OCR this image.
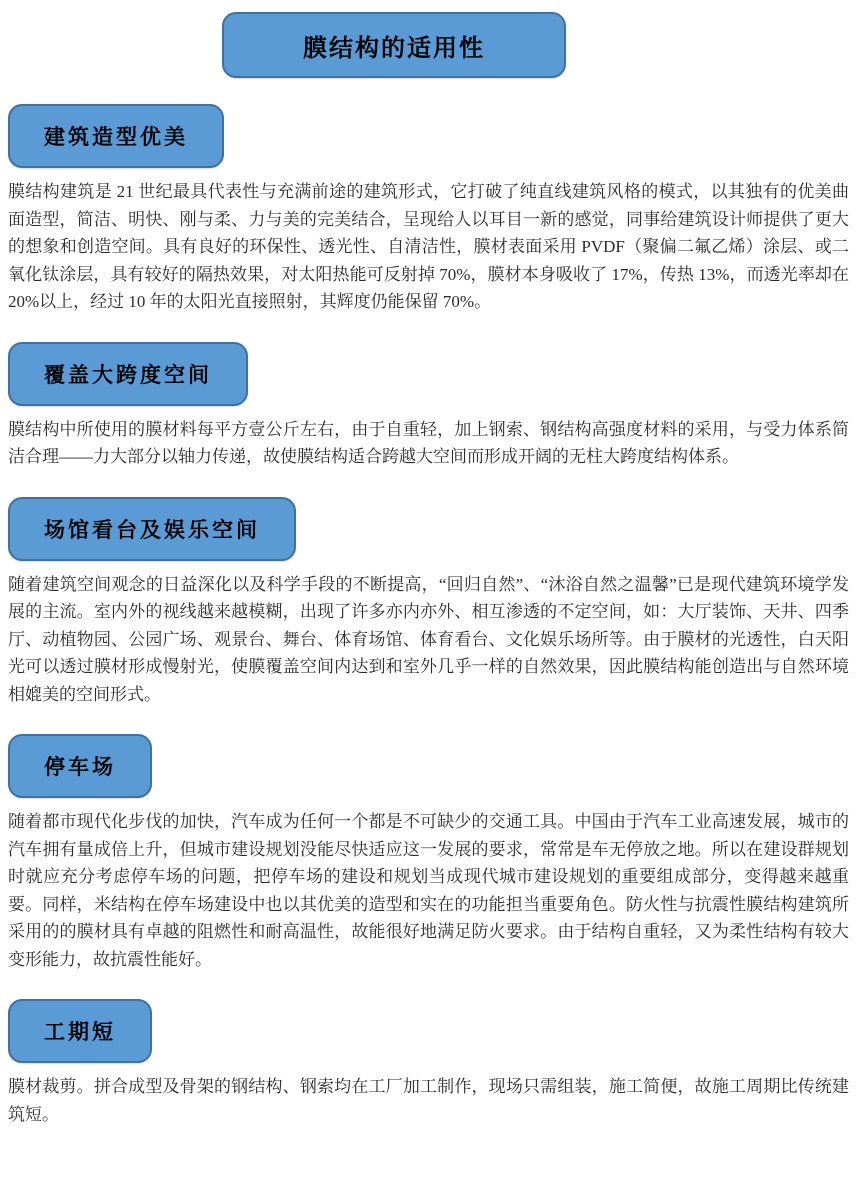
膜结构的适用性
建筑造型优美

膜结构建筑是 21 世纪最具代表性与充满前途的建筑形式，它打破了纯直线建筑风格的模式，以其独有的优美曲面造型，简洁、明快、刚与柔、力与美的完美结合，呈现给人以耳目一新的感觉，同事给建筑设计师提供了更大的想象和创造空间。具有良好的环保性、透光性、自清洁性，膜材表面采用 PVDF（聚偏二氟乙烯）涂层、或二氧化钛涂层，具有较好的隔热效果，对太阳热能可反射掉 70%，膜材本身吸收了 17%，传热 13%，而透光率却在 20%以上，经过 10 年的太阳光直接照射，其辉度仍能保留 70%。

覆盖大跨度空间

膜结构中所使用的膜材料每平方壹公斤左右，由于自重轻，加上钢索、钢结构高强度材料的采用，与受力体系简洁合理——力大部分以轴力传递，故使膜结构适合跨越大空间而形成开阔的无柱大跨度结构体系。

场馆看台及娱乐空间

随着建筑空间观念的日益深化以及科学手段的不断提高，“回归自然”、“沐浴自然之温馨”已是现代建筑环境学发展的主流。室内外的视线越来越模糊，出现了许多亦内亦外、相互渗透的不定空间，如：大厅装饰、天井、四季厅、动植物园、公园广场、观景台、舞台、体育场馆、体育看台、文化娱乐场所等。由于膜材的光透性，白天阳光可以透过膜材形成慢射光，使膜覆盖空间内达到和室外几乎一样的自然效果，因此膜结构能创造出与自然环境相媲美的空间形式。

停车场

随着都市现代化步伐的加快，汽车成为任何一个都是不可缺少的交通工具。中国由于汽车工业高速发展，城市的汽车拥有量成倍上升，但城市建设规划没能尽快适应这一发展的要求，常常是车无停放之地。所以在建设群规划时就应充分考虑停车场的问题，把停车场的建设和规划当成现代城市建设规划的重要组成部分，变得越来越重要。同样，米结构在停车场建设中也以其优美的造型和实在的功能担当重要角色。防火性与抗震性膜结构建筑所采用的的膜材具有卓越的阻燃性和耐高温性，故能很好地满足防火要求。由于结构自重轻，又为柔性结构有较大变形能力，故抗震性能好。

工期短

膜材裁剪。拼合成型及骨架的钢结构、钢索均在工厂加工制作，现场只需组装，施工简便，故施工周期比传统建筑短。
